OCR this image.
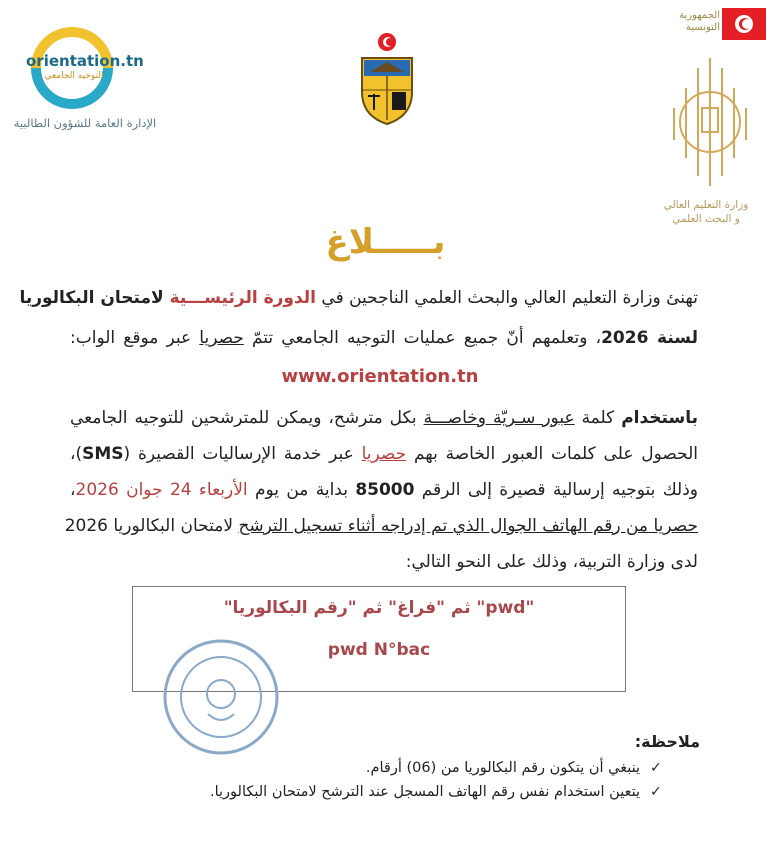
orientation.tn
التوجيه الجامعي
الإدارة العامة للشؤون الطالبية
الجمهورية
التونسية
وزارة التعليم العالي
و البحث العلمي
بـــــلاغ
تهنئ وزارة التعليم العالي والبحث العلمي الناجحين في الدورة الرئيســـية لامتحان البكالوريا
لسنة 2026، وتعلمهم أنّ جميع عمليات التوجيه الجامعي تتمّ حصريا عبر موقع الواب:
www.orientation.tn
باستخدام كلمة عبور سـريّة وخاصـــة بكل مترشح، ويمكن للمترشحين للتوجيه الجامعي
الحصول على كلمات العبور الخاصة بهم حصريا عبر خدمة الإرساليات القصيرة (SMS)،
وذلك بتوجيه إرسالية قصيرة إلى الرقم 85000 بداية من يوم الأربعاء 24 جوان 2026،
حصريا من رقم الهاتف الجوال الذي تم إدراجه أثناء تسجيل الترشح لامتحان البكالوريا 2026
لدى وزارة التربية، وذلك على النحو التالي:
"pwd" ثم "فراغ" ثم "رقم البكالوريا"
pwd N°bac
ملاحظة:
ينبغي أن يتكون رقم البكالوريا من (06) أرقام. ✓
يتعين استخدام نفس رقم الهاتف المسجل عند الترشح لامتحان البكالوريا. ✓
